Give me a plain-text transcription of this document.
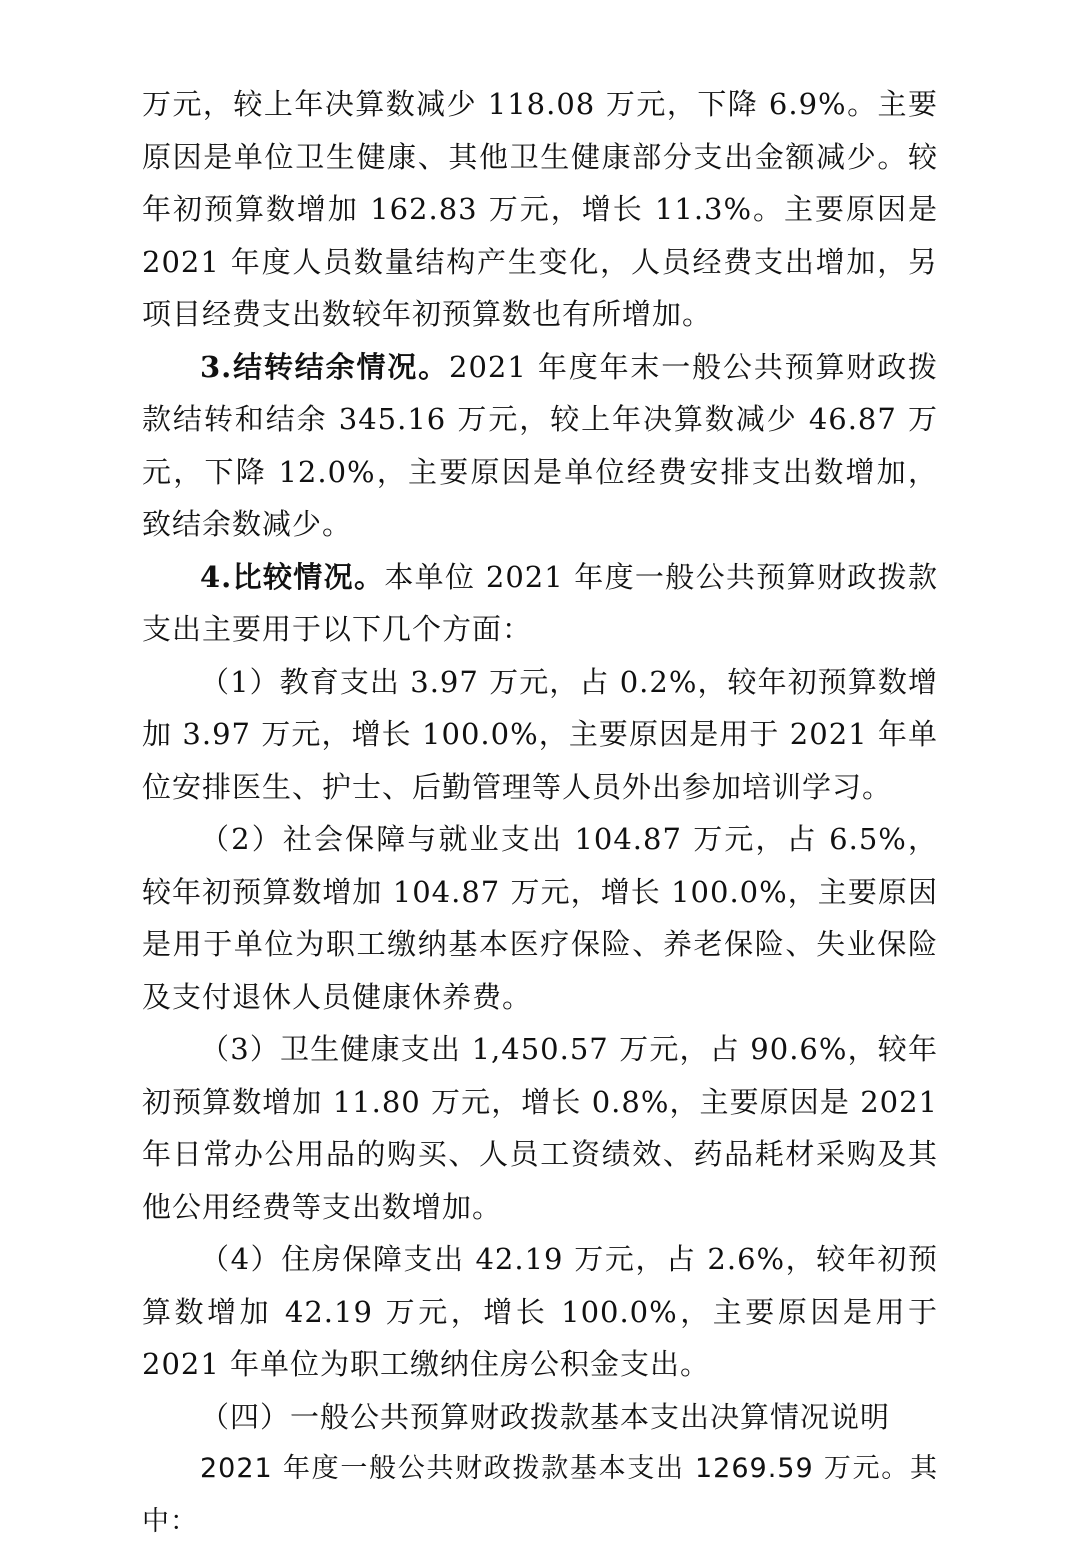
万元，较上年决算数减少 118.08 万元，下降 6.9%。主要原因是单位卫生健康、其他卫生健康部分支出金额减少。较年初预算数增加 162.83 万元，增长 11.3%。主要原因是 2021 年度人员数量结构产生变化，人员经费支出增加，另项目经费支出数较年初预算数也有所增加。

3.结转结余情况。2021 年度年末一般公共预算财政拨款结转和结余 345.16 万元，较上年决算数减少 46.87 万元，下降 12.0%，主要原因是单位经费安排支出数增加，致结余数减少。

4.比较情况。本单位 2021 年度一般公共预算财政拨款支出主要用于以下几个方面：

（1）教育支出 3.97 万元，占 0.2%，较年初预算数增加 3.97 万元，增长 100.0%，主要原因是用于 2021 年单位安排医生、护士、后勤管理等人员外出参加培训学习。

（2）社会保障与就业支出 104.87 万元，占 6.5%，较年初预算数增加 104.87 万元，增长 100.0%，主要原因是用于单位为职工缴纳基本医疗保险、养老保险、失业保险及支付退休人员健康休养费。

（3）卫生健康支出 1,450.57 万元，占 90.6%，较年初预算数增加 11.80 万元，增长 0.8%，主要原因是 2021 年日常办公用品的购买、人员工资绩效、药品耗材采购及其他公用经费等支出数增加。

（4）住房保障支出 42.19 万元，占 2.6%，较年初预算数增加 42.19 万元，增长 100.0%，主要原因是用于 2021 年单位为职工缴纳住房公积金支出。

（四）一般公共预算财政拨款基本支出决算情况说明

2021 年度一般公共财政拨款基本支出 1269.59 万元。其中：
